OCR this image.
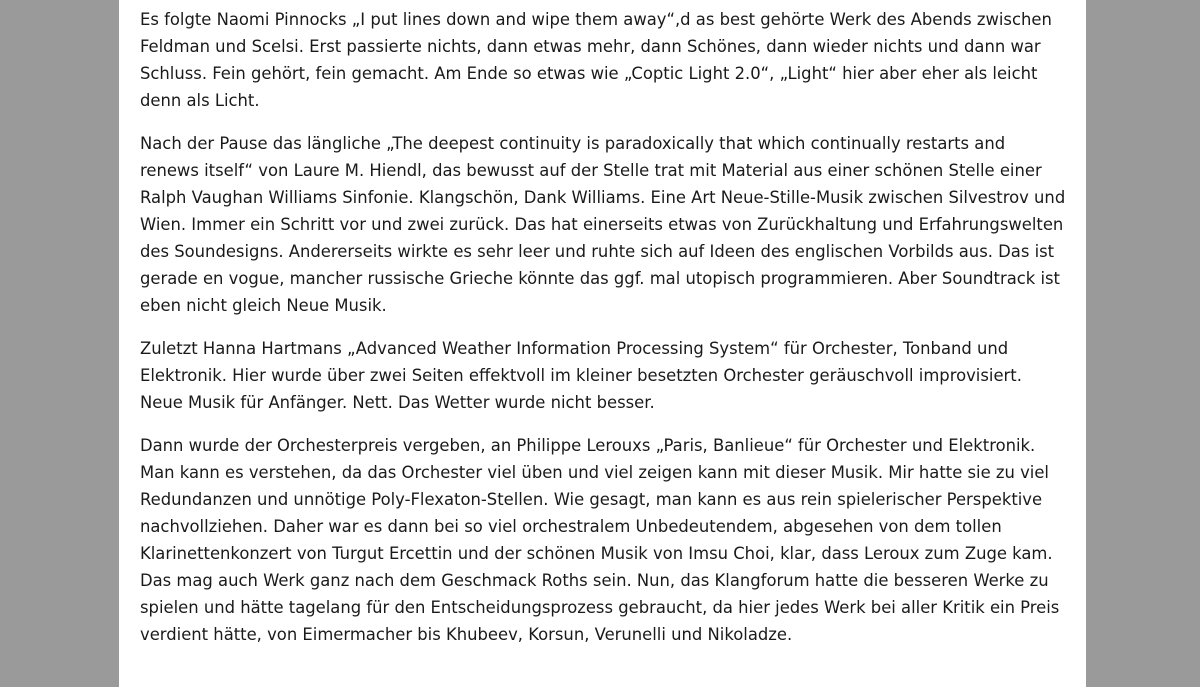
Es folgte Naomi Pinnocks „I put lines down and wipe them away“,d as best gehörte Werk des Abends zwischen Feldman und Scelsi. Erst passierte nichts, dann etwas mehr, dann Schönes, dann wieder nichts und dann war Schluss. Fein gehört, fein gemacht. Am Ende so etwas wie „Coptic Light 2.0“, „Light“ hier aber eher als leicht denn als Licht.

Nach der Pause das längliche „The deepest continuity is paradoxically that which continually restarts and renews itself“ von Laure M. Hiendl, das bewusst auf der Stelle trat mit Material aus einer schönen Stelle einer Ralph Vaughan Williams Sinfonie. Klangschön, Dank Williams. Eine Art Neue-Stille-Musik zwischen Silvestrov und Wien. Immer ein Schritt vor und zwei zurück. Das hat einerseits etwas von Zurückhaltung und Erfahrungswelten des Soundesigns. Andererseits wirkte es sehr leer und ruhte sich auf Ideen des englischen Vorbilds aus. Das ist gerade en vogue, mancher russische Grieche könnte das ggf. mal utopisch programmieren. Aber Soundtrack ist eben nicht gleich Neue Musik.

Zuletzt Hanna Hartmans „Advanced Weather Information Processing System“ für Orchester, Tonband und Elektronik. Hier wurde über zwei Seiten effektvoll im kleiner besetzten Orchester geräuschvoll improvisiert. Neue Musik für Anfänger. Nett. Das Wetter wurde nicht besser.

Dann wurde der Orchesterpreis vergeben, an Philippe Lerouxs „Paris, Banlieue“ für Orchester und Elektronik. Man kann es verstehen, da das Orchester viel üben und viel zeigen kann mit dieser Musik. Mir hatte sie zu viel Redundanzen und unnötige Poly-Flexaton-Stellen. Wie gesagt, man kann es aus rein spielerischer Perspektive nachvollziehen. Daher war es dann bei so viel orchestralem Unbedeutendem, abgesehen von dem tollen Klarinettenkonzert von Turgut Ercettin und der schönen Musik von Imsu Choi, klar, dass Leroux zum Zuge kam. Das mag auch Werk ganz nach dem Geschmack Roths sein. Nun, das Klangforum hatte die besseren Werke zu spielen und hätte tagelang für den Entscheidungsprozess gebraucht, da hier jedes Werk bei aller Kritik ein Preis verdient hätte, von Eimermacher bis Khubeev, Korsun, Verunelli und Nikoladze.
